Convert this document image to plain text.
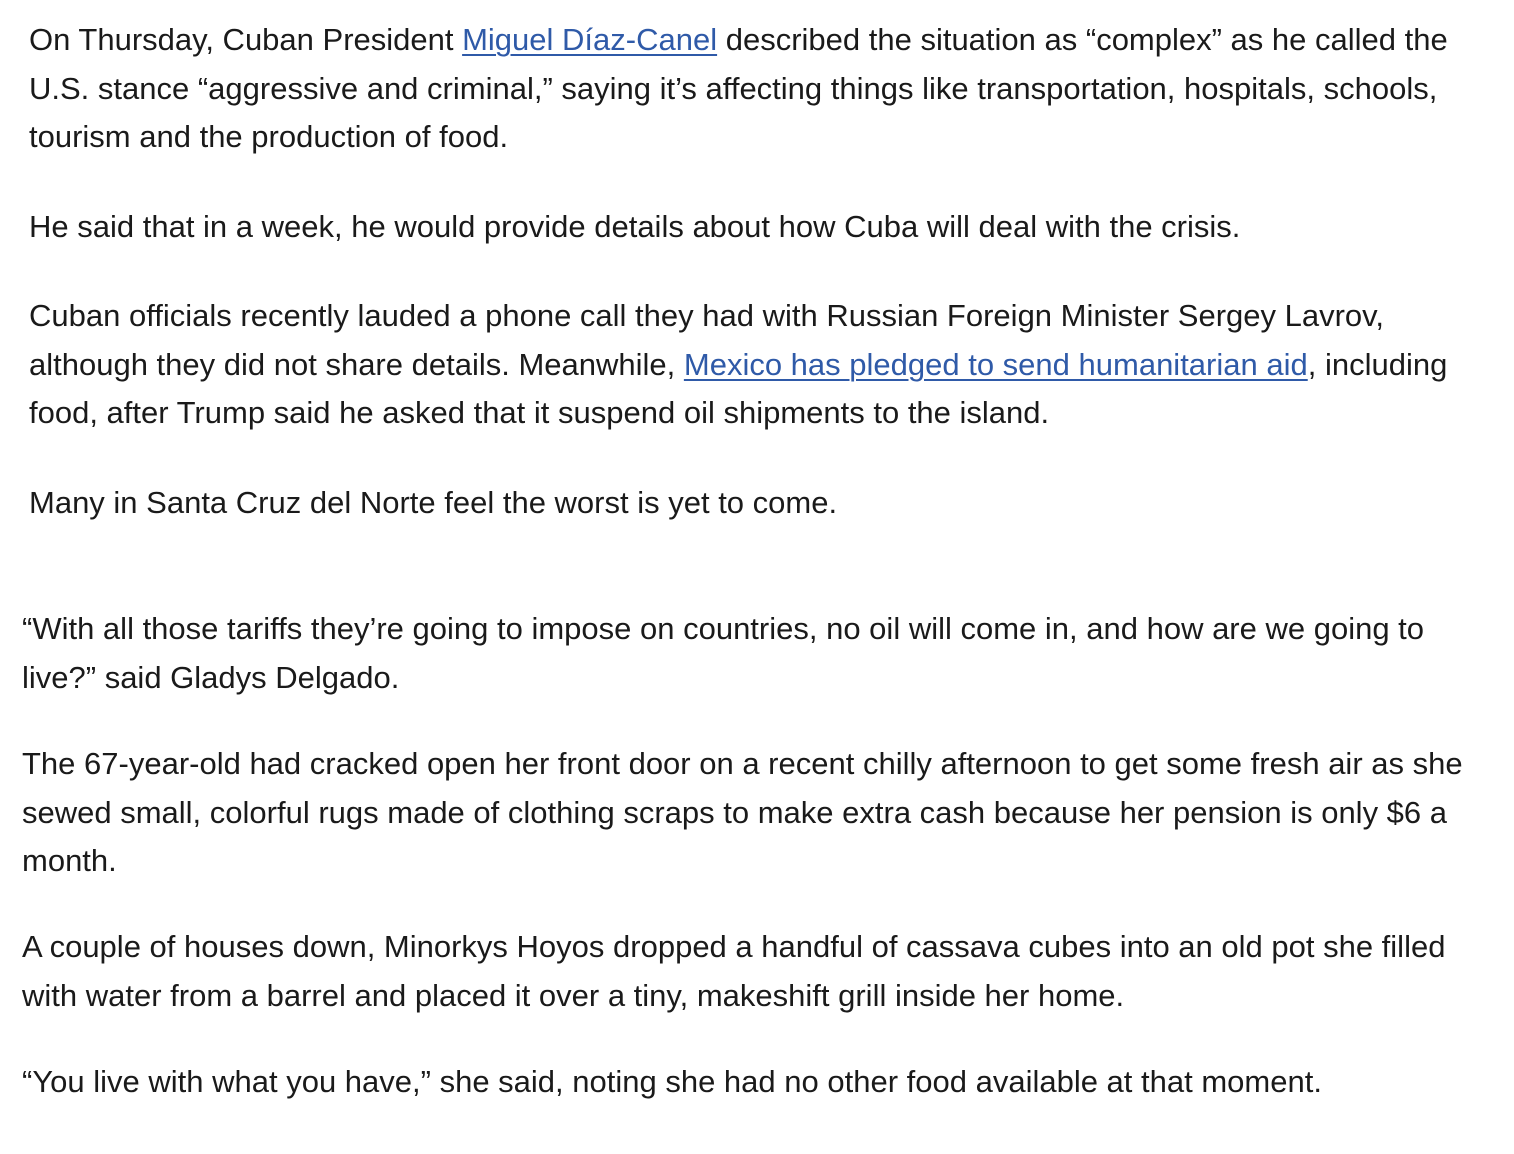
On Thursday, Cuban President Miguel Díaz-Canel described the situation as “complex” as he called the U.S. stance “aggressive and criminal,” saying it’s affecting things like transportation, hospitals, schools, tourism and the production of food.

He said that in a week, he would provide details about how Cuba will deal with the crisis.

Cuban officials recently lauded a phone call they had with Russian Foreign Minister Sergey Lavrov, although they did not share details. Meanwhile, Mexico has pledged to send humanitarian aid, including food, after Trump said he asked that it suspend oil shipments to the island.

Many in Santa Cruz del Norte feel the worst is yet to come.

“With all those tariffs they’re going to impose on countries, no oil will come in, and how are we going to live?” said Gladys Delgado.

The 67-year-old had cracked open her front door on a recent chilly afternoon to get some fresh air as she sewed small, colorful rugs made of clothing scraps to make extra cash because her pension is only $6 a month.

A couple of houses down, Minorkys Hoyos dropped a handful of cassava cubes into an old pot she filled with water from a barrel and placed it over a tiny, makeshift grill inside her home.

“You live with what you have,” she said, noting she had no other food available at that moment.
